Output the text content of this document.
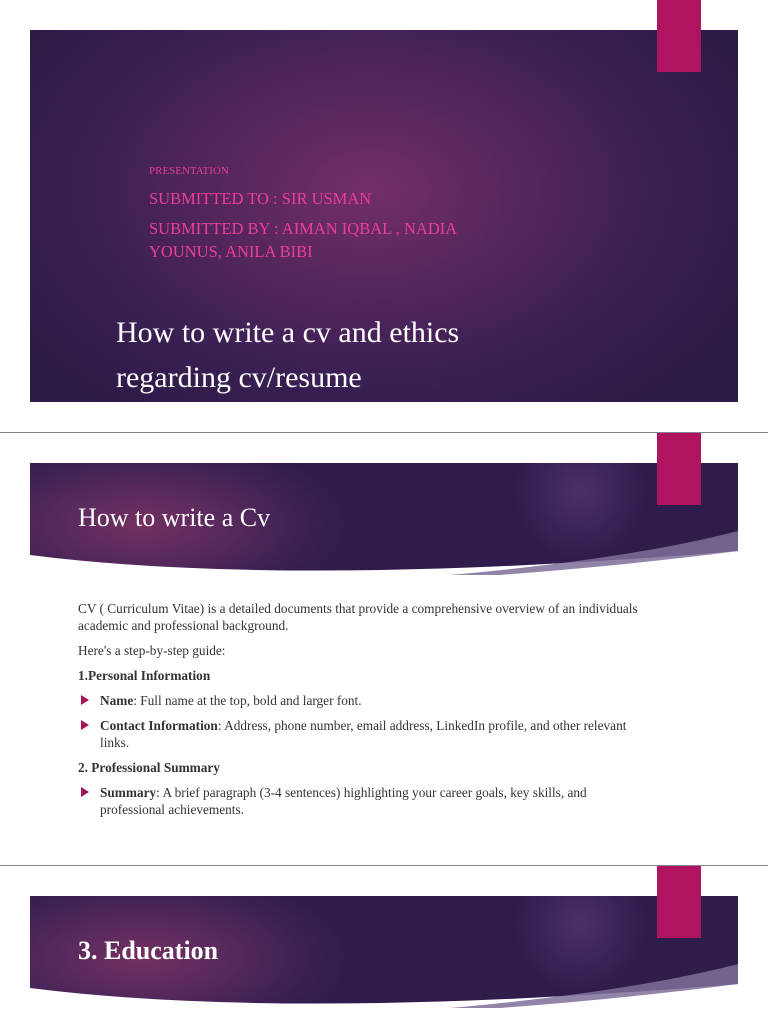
PRESENTATION
SUBMITTED TO : SIR USMAN
SUBMITTED BY : AIMAN IQBAL , NADIA
YOUNUS, ANILA BIBI
How to write a cv and ethics
regarding cv/resume
How to write a Cv

CV ( Curriculum Vitae) is a detailed documents that provide a comprehensive overview of an individuals academic and professional background.

Here's a step-by-step guide:

1.Personal Information

Name: Full name at the top, bold and larger font.
Contact Information: Address, phone number, email address, LinkedIn profile, and other relevant links.

2. Professional Summary

Summary: A brief paragraph (3-4 sentences) highlighting your career goals, key skills, and professional achievements.
3. Education
